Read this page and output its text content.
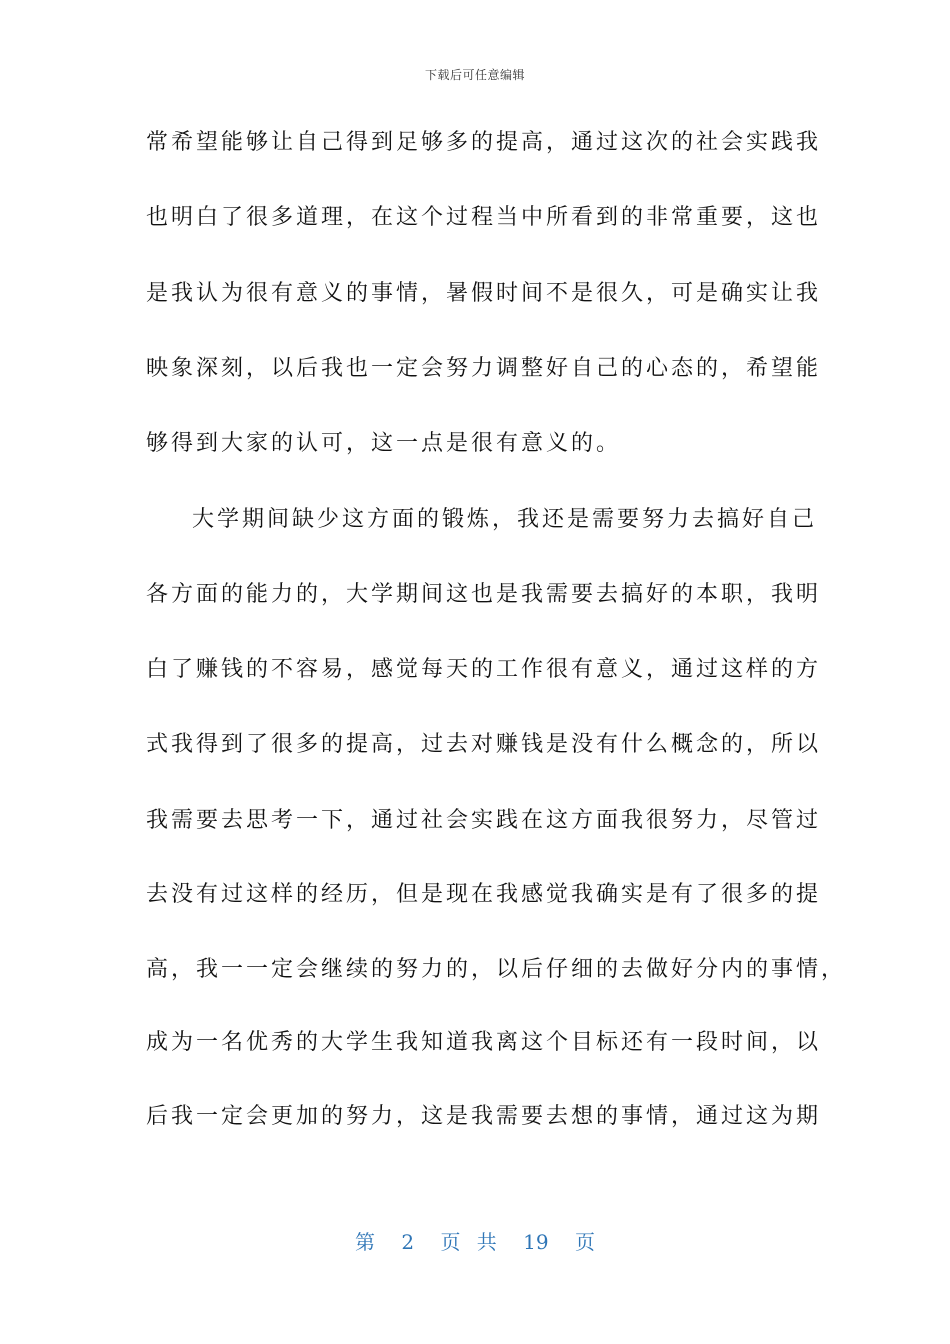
下载后可任意编辑
常希望能够让自己得到足够多的提高，通过这次的社会实践我
也明白了很多道理，在这个过程当中所看到的非常重要，这也
是我认为很有意义的事情，暑假时间不是很久，可是确实让我
映象深刻，以后我也一定会努力调整好自己的心态的，希望能
够得到大家的认可，这一点是很有意义的。
大学期间缺少这方面的锻炼，我还是需要努力去搞好自己
各方面的能力的，大学期间这也是我需要去搞好的本职，我明
白了赚钱的不容易，感觉每天的工作很有意义，通过这样的方
式我得到了很多的提高，过去对赚钱是没有什么概念的，所以
我需要去思考一下，通过社会实践在这方面我很努力，尽管过
去没有过这样的经历，但是现在我感觉我确实是有了很多的提
高，我一一定会继续的努力的，以后仔细的去做好分内的事情，
成为一名优秀的大学生我知道我离这个目标还有一段时间，以
后我一定会更加的努力，这是我需要去想的事情，通过这为期
第 2 页 共 19 页
